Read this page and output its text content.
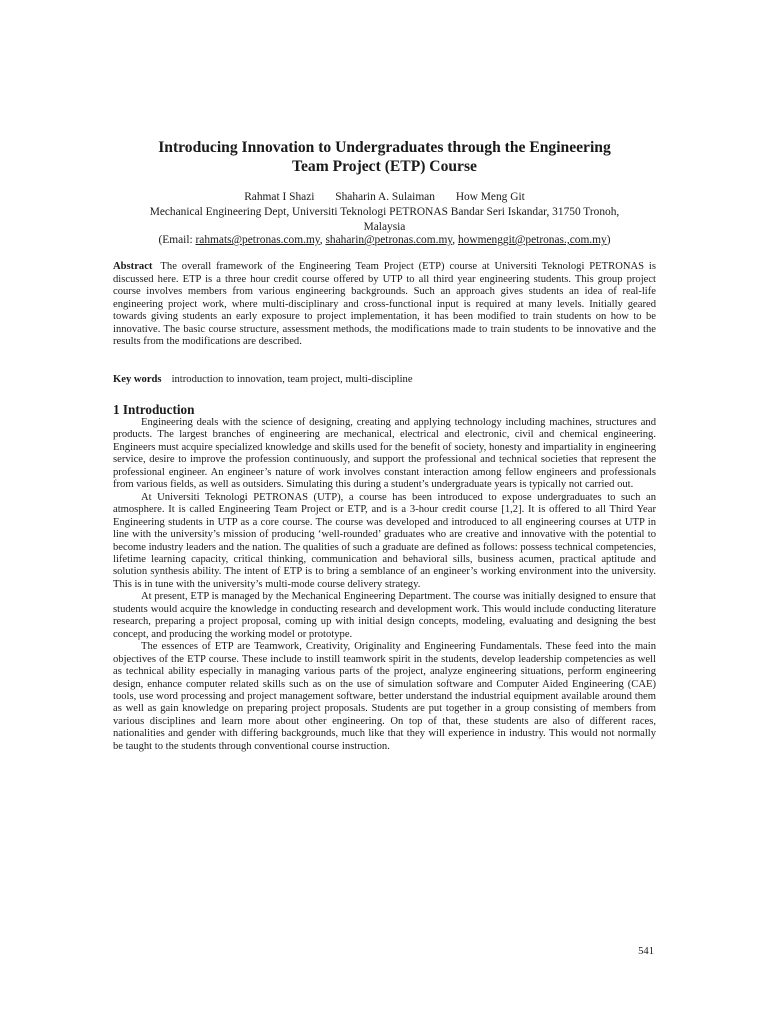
Introducing Innovation to Undergraduates through the Engineering
Team Project (ETP) Course
Rahmat I Shazi Shaharin A. Sulaiman How Meng Git
Mechanical Engineering Dept, Universiti Teknologi PETRONAS Bandar Seri Iskandar, 31750 Tronoh,
Malaysia
(Email: rahmats@petronas.com.my, shaharin@petronas.com.my, howmenggit@petronas.,com.my)
Abstract The overall framework of the Engineering Team Project (ETP) course at Universiti Teknologi PETRONAS is discussed here. ETP is a three hour credit course offered by UTP to all third year engineering students. This group project course involves members from various engineering backgrounds. Such an approach gives students an idea of real-life engineering project work, where multi-disciplinary and cross-functional input is required at many levels. Initially geared towards giving students an early exposure to project implementation, it has been modified to train students on how to be innovative. The basic course structure, assessment methods, the modifications made to train students to be innovative and the results from the modifications are described.
Key words introduction to innovation, team project, multi-discipline
1 Introduction

Engineering deals with the science of designing, creating and applying technology including machines, structures and products. The largest branches of engineering are mechanical, electrical and electronic, civil and chemical engineering. Engineers must acquire specialized knowledge and skills used for the benefit of society, honesty and impartiality in engineering service, desire to improve the profession continuously, and support the professional and technical societies that represent the professional engineer. An engineer’s nature of work involves constant interaction among fellow engineers and professionals from various fields, as well as outsiders. Simulating this during a student’s undergraduate years is typically not carried out.

At Universiti Teknologi PETRONAS (UTP), a course has been introduced to expose undergraduates to such an atmosphere. It is called Engineering Team Project or ETP, and is a 3-hour credit course [1,2]. It is offered to all Third Year Engineering students in UTP as a core course. The course was developed and introduced to all engineering courses at UTP in line with the university’s mission of producing ‘well-rounded’ graduates who are creative and innovative with the potential to become industry leaders and the nation. The qualities of such a graduate are defined as follows: possess technical competencies, lifetime learning capacity, critical thinking, communication and behavioral sills, business acumen, practical aptitude and solution synthesis ability. The intent of ETP is to bring a semblance of an engineer’s working environment into the university. This is in tune with the university’s multi-mode course delivery strategy.

At present, ETP is managed by the Mechanical Engineering Department. The course was initially designed to ensure that students would acquire the knowledge in conducting research and development work. This would include conducting literature research, preparing a project proposal, coming up with initial design concepts, modeling, evaluating and designing the best concept, and producing the working model or prototype.

The essences of ETP are Teamwork, Creativity, Originality and Engineering Fundamentals. These feed into the main objectives of the ETP course. These include to instill teamwork spirit in the students, develop leadership competencies as well as technical ability especially in managing various parts of the project, analyze engineering situations, perform engineering design, enhance computer related skills such as on the use of simulation software and Computer Aided Engineering (CAE) tools, use word processing and project management software, better understand the industrial equipment available around them as well as gain knowledge on preparing project proposals. Students are put together in a group consisting of members from various disciplines and learn more about other engineering. On top of that, these students are also of different races, nationalities and gender with differing backgrounds, much like that they will experience in industry. This would not normally be taught to the students through conventional course instruction.

541
